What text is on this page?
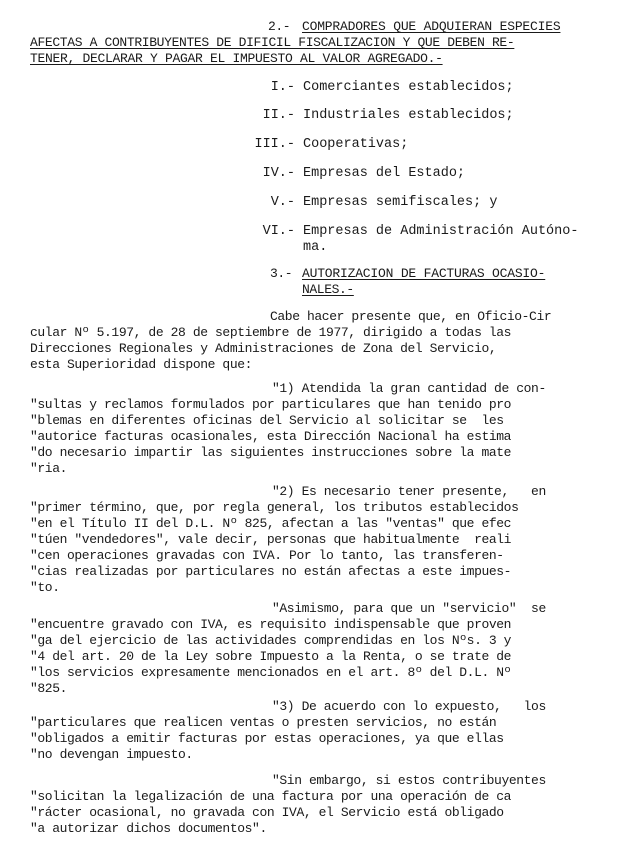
2.- COMPRADORES QUE ADQUIERAN ESPECIES
AFECTAS A CONTRIBUYENTES DE DIFICIL FISCALIZACION Y QUE DEBEN RE-
TENER, DECLARAR Y PAGAR EL IMPUESTO AL VALOR AGREGADO.-
I.- Comerciantes establecidos;
II.- Industriales establecidos;
III.- Cooperativas;
IV.- Empresas del Estado;
V.- Empresas semifiscales; y
VI.- Empresas de Administración Autóno-
ma.
3.- AUTORIZACION DE FACTURAS OCASIO-
NALES.-
Cabe hacer presente que, en Oficio-Cir
cular Nº 5.197, de 28 de septiembre de 1977, dirigido a todas las
Direcciones Regionales y Administraciones de Zona del Servicio,
esta Superioridad dispone que:
"1) Atendida la gran cantidad de con-
"sultas y reclamos formulados por particulares que han tenido pro
"blemas en diferentes oficinas del Servicio al solicitar se  les
"autorice facturas ocasionales, esta Dirección Nacional ha estima
"do necesario impartir las siguientes instrucciones sobre la mate
"ria.
"2) Es necesario tener presente,   en
"primer término, que, por regla general, los tributos establecidos
"en el Título II del D.L. Nº 825, afectan a las "ventas" que efec
"túen "vendedores", vale decir, personas que habitualmente  reali
"cen operaciones gravadas con IVA. Por lo tanto, las transferen-
"cias realizadas por particulares no están afectas a este impues-
"to.
"Asimismo, para que un "servicio"  se
"encuentre gravado con IVA, es requisito indispensable que proven
"ga del ejercicio de las actividades comprendidas en los Nºs. 3 y
"4 del art. 20 de la Ley sobre Impuesto a la Renta, o se trate de
"los servicios expresamente mencionados en el art. 8º del D.L. Nº
"825.
"3) De acuerdo con lo expuesto,   los
"particulares que realicen ventas o presten servicios, no están
"obligados a emitir facturas por estas operaciones, ya que ellas
"no devengan impuesto.
"Sin embargo, si estos contribuyentes
"solicitan la legalización de una factura por una operación de ca
"rácter ocasional, no gravada con IVA, el Servicio está obligado
"a autorizar dichos documentos".
